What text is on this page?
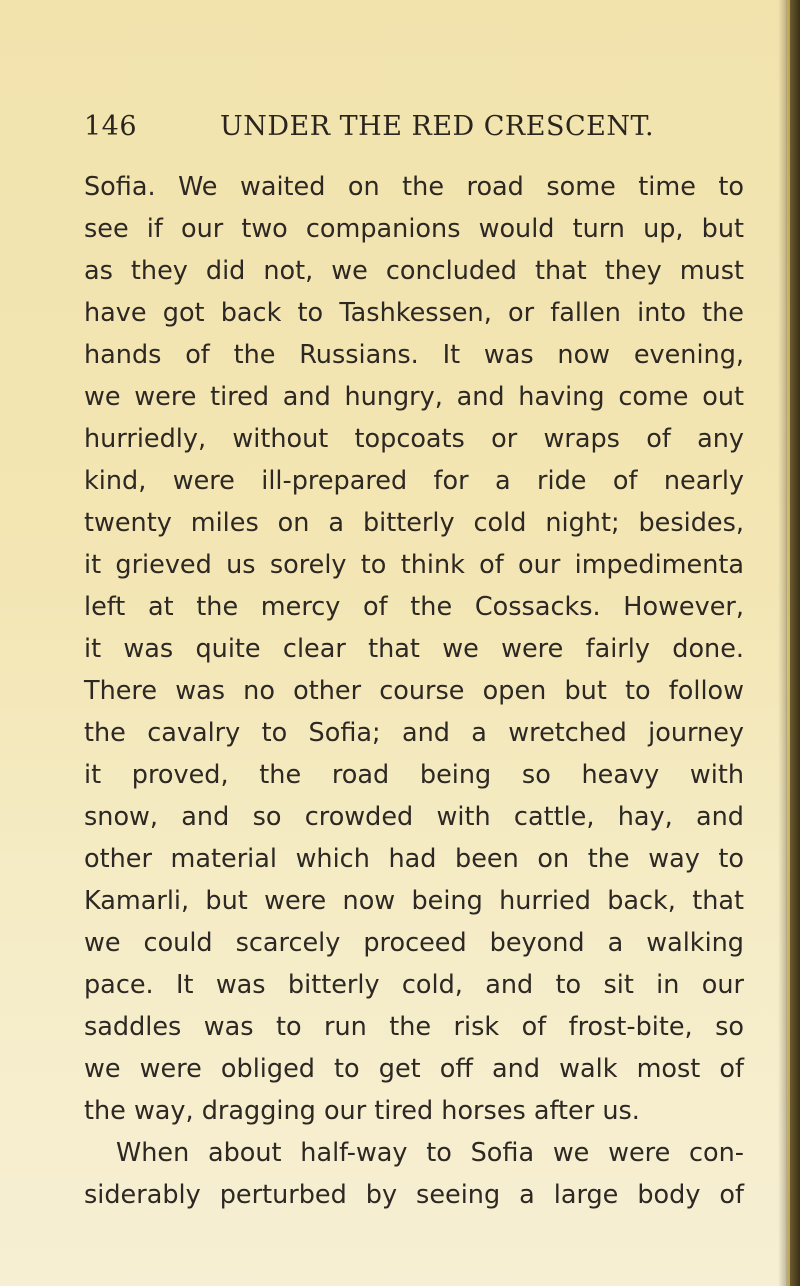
146	UNDER THE RED CRESCENT.
Sofia. We waited on the road some time to
see if our two companions would turn up, but
as they did not, we concluded that they must
have got back to Tashkessen, or fallen into the
hands of the Russians. It was now evening,
we were tired and hungry, and having come out
hurriedly, without topcoats or wraps of any
kind, were ill-prepared for a ride of nearly
twenty miles on a bitterly cold night; besides,
it grieved us sorely to think of our impedimenta
left at the mercy of the Cossacks. However,
it was quite clear that we were fairly done.
There was no other course open but to follow
the cavalry to Sofia; and a wretched journey
it proved, the road being so heavy with
snow, and so crowded with cattle, hay, and
other material which had been on the way to
Kamarli, but were now being hurried back, that
we could scarcely proceed beyond a walking
pace. It was bitterly cold, and to sit in our
saddles was to run the risk of frost-bite, so
we were obliged to get off and walk most of
the way, dragging our tired horses after us.
When about half-way to Sofia we were con-
siderably perturbed by seeing a large body of
